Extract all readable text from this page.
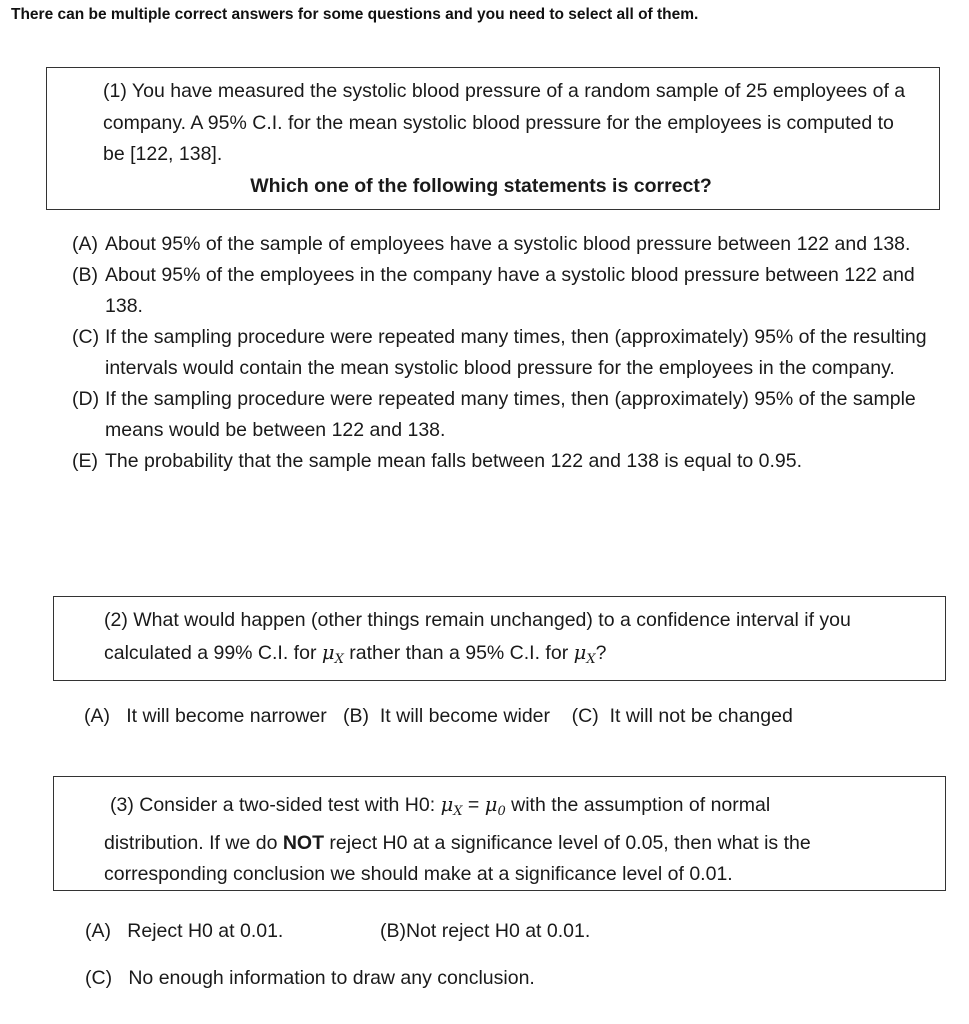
There can be multiple correct answers for some questions and you need to select all of them.

(1) You have measured the systolic blood pressure of a random sample of 25 employees of a company. A 95% C.I. for the mean systolic blood pressure for the employees is computed to be [122, 138].

Which one of the following statements is correct?

(A) About 95% of the sample of employees have a systolic blood pressure between 122 and 138.
(B) About 95% of the employees in the company have a systolic blood pressure between 122 and 138.
(C) If the sampling procedure were repeated many times, then (approximately) 95% of the resulting intervals would contain the mean systolic blood pressure for the employees in the company.
(D) If the sampling procedure were repeated many times, then (approximately) 95% of the sample means would be between 122 and 138.
(E) The probability that the sample mean falls between 122 and 138 is equal to 0.95.

(2) What would happen (other things remain unchanged) to a confidence interval if you calculated a 99% C.I. for $\mu_X$ rather than a 95% C.I. for $\mu_X$?

(A) It will become narrower (B) It will become wider (C) It will not be changed

(3) Consider a two-sided test with H0: $\mu_X = \mu_0$ with the assumption of normal

distribution. If we do NOT reject H0 at a significance level of 0.05, then what is the corresponding conclusion we should make at a significance level of 0.01.

(A) Reject H0 at 0.01.	(B)Not reject H0 at 0.01.
(C) No enough information to draw any conclusion.
